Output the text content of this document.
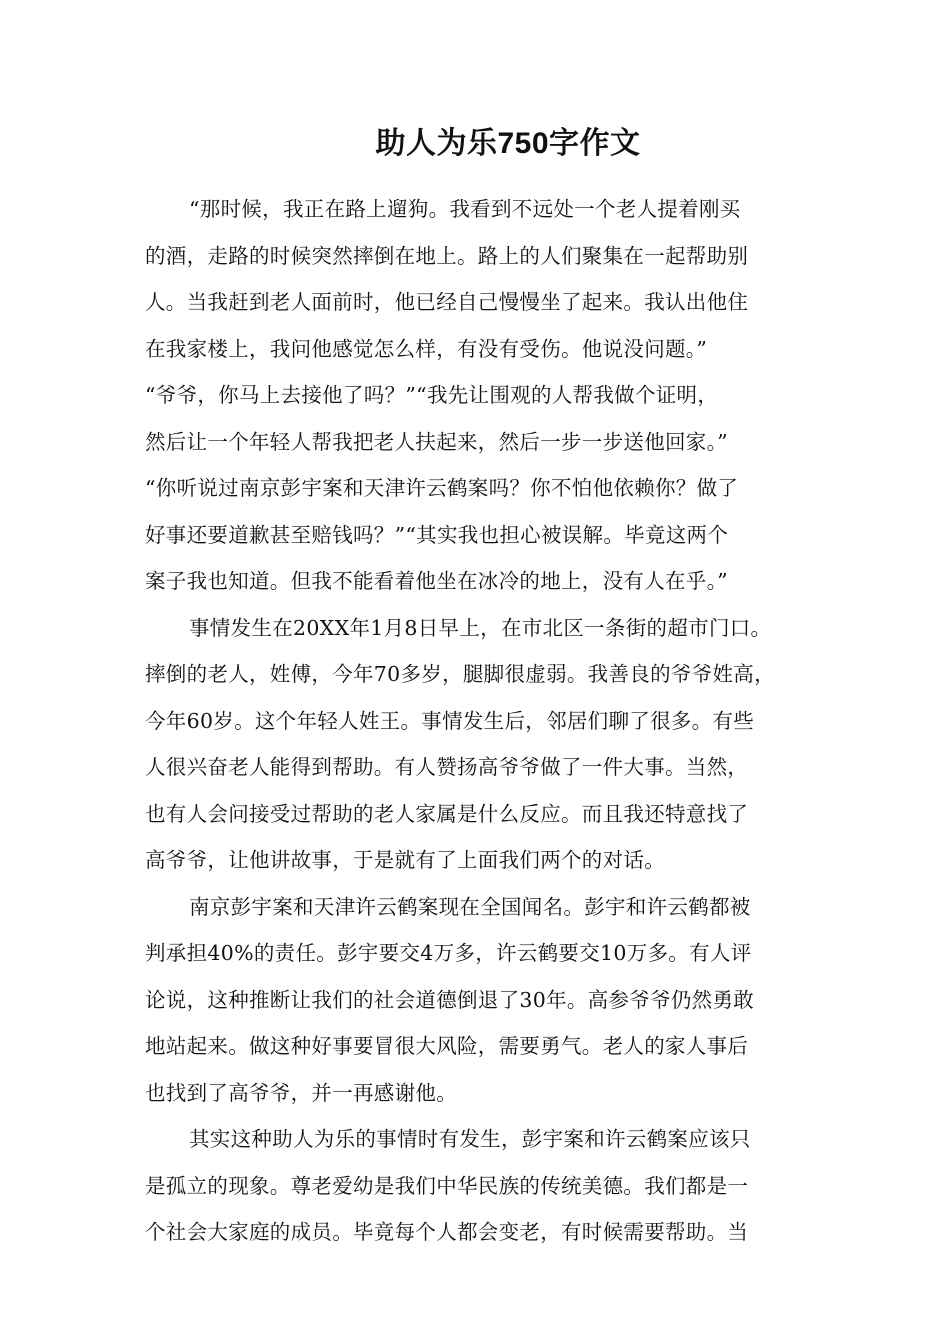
助人为乐750字作文
“那时候，我正在路上遛狗。我看到不远处一个老人提着刚买
的酒，走路的时候突然摔倒在地上。路上的人们聚集在一起帮助别
人。当我赶到老人面前时，他已经自己慢慢坐了起来。我认出他住
在我家楼上，我问他感觉怎么样，有没有受伤。他说没问题。”
“爷爷，你马上去接他了吗？”“我先让围观的人帮我做个证明，
然后让一个年轻人帮我把老人扶起来，然后一步一步送他回家。”
“你听说过南京彭宇案和天津许云鹤案吗？你不怕他依赖你？做了
好事还要道歉甚至赔钱吗？”“其实我也担心被误解。毕竟这两个
案子我也知道。但我不能看着他坐在冰冷的地上，没有人在乎。”
事情发生在20XX年1月8日早上，在市北区一条街的超市门口。
摔倒的老人，姓傅，今年70多岁，腿脚很虚弱。我善良的爷爷姓高，
今年60岁。这个年轻人姓王。事情发生后，邻居们聊了很多。有些
人很兴奋老人能得到帮助。有人赞扬高爷爷做了一件大事。当然，
也有人会问接受过帮助的老人家属是什么反应。而且我还特意找了
高爷爷，让他讲故事，于是就有了上面我们两个的对话。
南京彭宇案和天津许云鹤案现在全国闻名。彭宇和许云鹤都被
判承担40%的责任。彭宇要交4万多，许云鹤要交10万多。有人评
论说，这种推断让我们的社会道德倒退了30年。高参爷爷仍然勇敢
地站起来。做这种好事要冒很大风险，需要勇气。老人的家人事后
也找到了高爷爷，并一再感谢他。
其实这种助人为乐的事情时有发生，彭宇案和许云鹤案应该只
是孤立的现象。尊老爱幼是我们中华民族的传统美德。我们都是一
个社会大家庭的成员。毕竟每个人都会变老，有时候需要帮助。当
